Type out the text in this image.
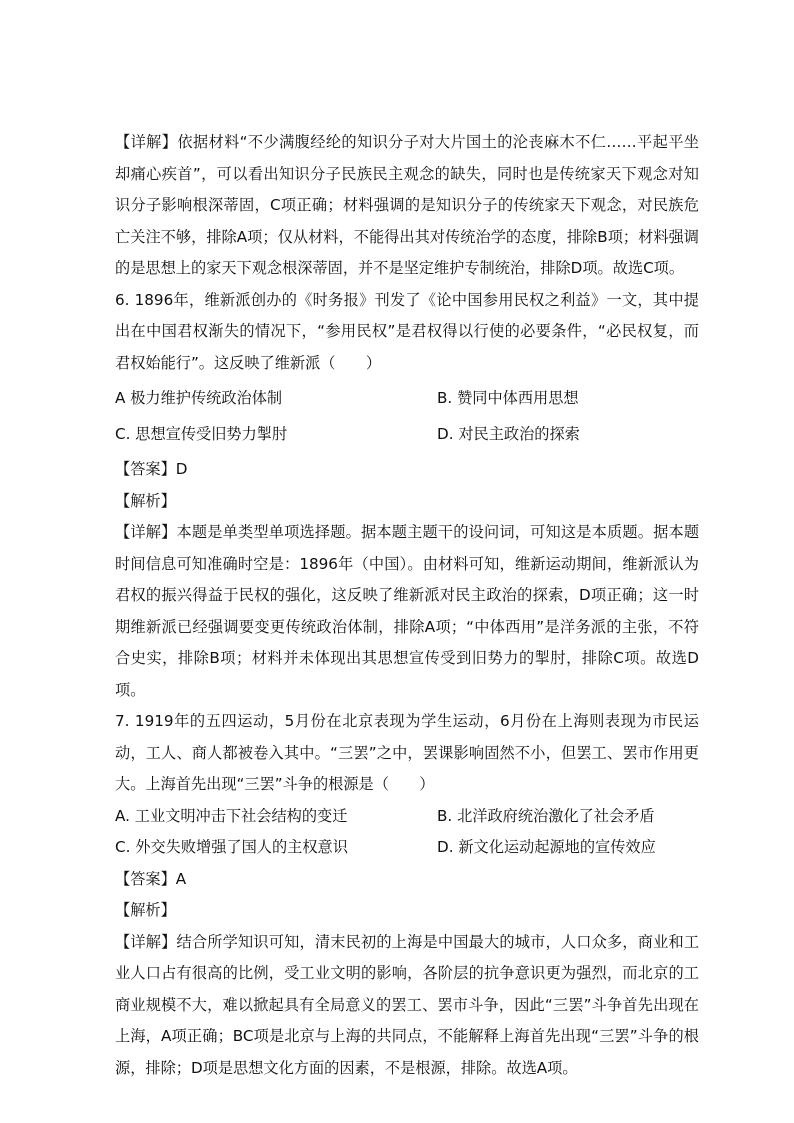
【详解】依据材料“不少满腹经纶的知识分子对大片国土的沦丧麻木不仁……平起平坐却痛心疾首”，可以看出知识分子民族民主观念的缺失，同时也是传统家天下观念对知识分子影响根深蒂固，C项正确；材料强调的是知识分子的传统家天下观念，对民族危亡关注不够，排除A项；仅从材料，不能得出其对传统治学的态度，排除B项；材料强调的是思想上的家天下观念根深蒂固，并不是坚定维护专制统治，排除D项。故选C项。

6. 1896年，维新派创办的《时务报》刊发了《论中国参用民权之利益》一文，其中提出在中国君权渐失的情况下，“参用民权”是君权得以行使的必要条件，“必民权复，而君权始能行”。这反映了维新派（　　）

A 极力维护传统政治体制	B. 赞同中体西用思想
C. 思想宣传受旧势力掣肘	D. 对民主政治的探索

【答案】D

【解析】

【详解】本题是单类型单项选择题。据本题主题干的设问词，可知这是本质题。据本题时间信息可知准确时空是：1896年（中国）。由材料可知，维新运动期间，维新派认为君权的振兴得益于民权的强化，这反映了维新派对民主政治的探索，D项正确；这一时期维新派已经强调要变更传统政治体制，排除A项；“中体西用”是洋务派的主张，不符合史实，排除B项；材料并未体现出其思想宣传受到旧势力的掣肘，排除C项。故选D项。

7. 1919年的五四运动，5月份在北京表现为学生运动，6月份在上海则表现为市民运动，工人、商人都被卷入其中。“三罢”之中，罢课影响固然不小，但罢工、罢市作用更大。上海首先出现“三罢”斗争的根源是（　　）

A. 工业文明冲击下社会结构的变迁	B. 北洋政府统治激化了社会矛盾
C. 外交失败增强了国人的主权意识	D. 新文化运动起源地的宣传效应

【答案】A

【解析】

【详解】结合所学知识可知，清末民初的上海是中国最大的城市，人口众多，商业和工业人口占有很高的比例，受工业文明的影响，各阶层的抗争意识更为强烈，而北京的工商业规模不大，难以掀起具有全局意义的罢工、罢市斗争，因此“三罢”斗争首先出现在上海，A项正确；BC项是北京与上海的共同点，不能解释上海首先出现“三罢”斗争的根源，排除；D项是思想文化方面的因素，不是根源，排除。故选A项。
